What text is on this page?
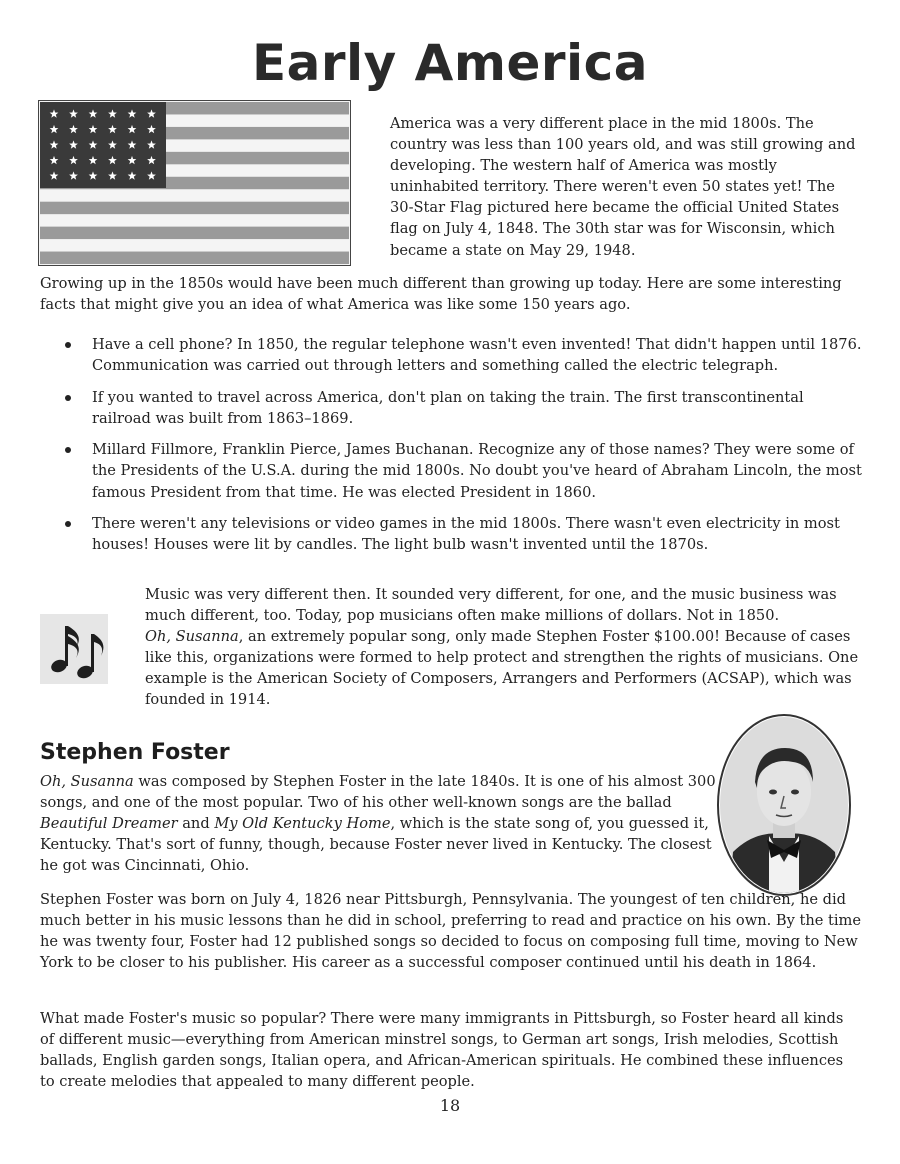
Early America
America was a very different place in the mid 1800s. The country was less than 100 years old, and was still growing and developing. The western half of America was mostly uninhabited territory. There weren't even 50 states yet! The 30-Star Flag pictured here became the official United States flag on July 4, 1848. The 30th star was for Wisconsin, which became a state on May 29, 1948.
Growing up in the 1850s would have been much different than growing up today. Here are some interesting facts that might give you an idea of what America was like some 150 years ago.
Have a cell phone? In 1850, the regular telephone wasn't even invented! That didn't happen until 1876. Communication was carried out through letters and something called the electric telegraph.
If you wanted to travel across America, don't plan on taking the train. The first transcontinental railroad was built from 1863–1869.
Millard Fillmore, Franklin Pierce, James Buchanan. Recognize any of those names? They were some of the Presidents of the U.S.A. during the mid 1800s. No doubt you've heard of Abraham Lincoln, the most famous President from that time. He was elected President in 1860.
There weren't any televisions or video games in the mid 1800s. There wasn't even electricity in most houses! Houses were lit by candles. The light bulb wasn't invented until the 1870s.
Music was very different then. It sounded very different, for one, and the music business was much different, too. Today, pop musicians often make millions of dollars. Not in 1850.
Oh, Susanna, an extremely popular song, only made Stephen Foster $100.00! Because of cases like this, organizations were formed to help protect and strengthen the rights of musicians. One example is the American Society of Composers, Arrangers and Performers (ACSAP), which was founded in 1914.
Stephen Foster
Oh, Susanna was composed by Stephen Foster in the late 1840s. It is one of his almost 300 songs, and one of the most popular. Two of his other well-known songs are the ballad Beautiful Dreamer and My Old Kentucky Home, which is the state song of, you guessed it, Kentucky. That's sort of funny, though, because Foster never lived in Kentucky. The closest he got was Cincinnati, Ohio.
Stephen Foster was born on July 4, 1826 near Pittsburgh, Pennsylvania. The youngest of ten children, he did much better in his music lessons than he did in school, preferring to read and practice on his own. By the time he was twenty four, Foster had 12 published songs so decided to focus on composing full time, moving to New York to be closer to his publisher. His career as a successful composer continued until his death in 1864.
What made Foster's music so popular? There were many immigrants in Pittsburgh, so Foster heard all kinds of different music—everything from American minstrel songs, to German art songs, Irish melodies, Scottish ballads, English garden songs, Italian opera, and African-American spirituals. He combined these influences to create melodies that appealed to many different people.
18
